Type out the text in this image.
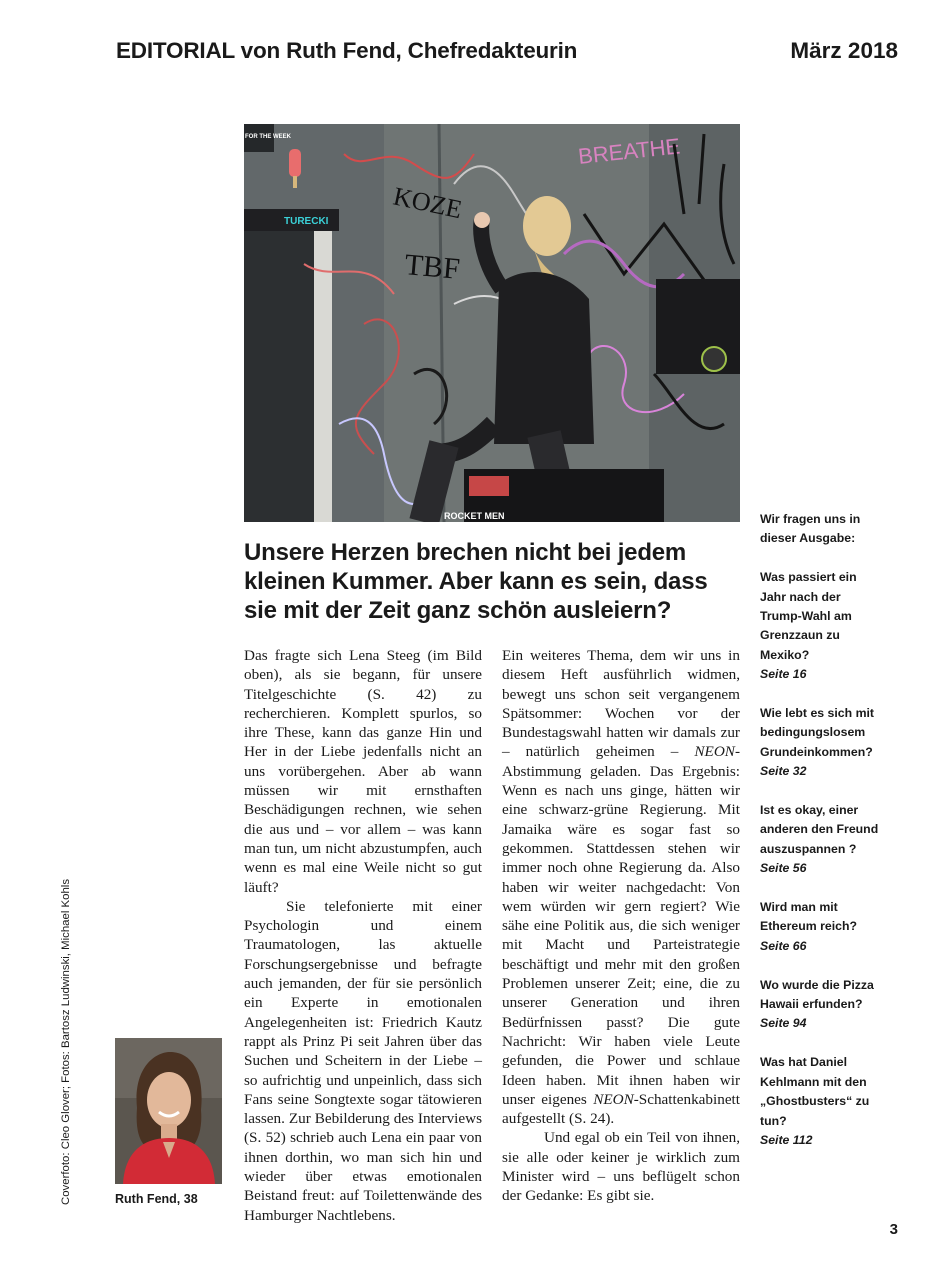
EDITORIAL von Ruth Fend, Chefredakteurin	März 2018
TURECKI
FOR THE WEEK
KOZE
TBF
BREATHE
ROCKET MEN
Unsere Herzen brechen nicht bei jedem kleinen Kummer. Aber kann es sein, dass sie mit der Zeit ganz schön ausleiern?

Das fragte sich Lena Steeg (im Bild oben), als sie begann, für unsere Titelgeschichte (S. 42) zu recherchieren. Komplett spurlos, so ihre These, kann das ganze Hin und Her in der Liebe jedenfalls nicht an uns vorübergehen. Aber ab wann müssen wir mit ernsthaften Beschädigungen rechnen, wie sehen die aus und – vor allem – was kann man tun, um nicht abzustumpfen, auch wenn es mal eine Weile nicht so gut läuft?

Sie telefonierte mit einer Psychologin und einem Traumatologen, las aktuelle Forschungsergebnisse und befragte auch jemanden, der für sie persönlich ein Experte in emotionalen Angelegenheiten ist: Friedrich Kautz rappt als Prinz Pi seit Jahren über das Suchen und Scheitern in der Liebe – so aufrichtig und unpeinlich, dass sich Fans seine Songtexte sogar tätowieren lassen. Zur Bebilderung des Interviews (S. 52) schrieb auch Lena ein paar von ihnen dorthin, wo man sich hin und wieder über etwas emotionalen Beistand freut: auf Toilettenwände des Hamburger Nachtlebens.

Ein weiteres Thema, dem wir uns in diesem Heft ausführlich widmen, bewegt uns schon seit vergangenem Spätsommer: Wochen vor der Bundestagswahl hatten wir damals zur – natürlich geheimen – NEON-Abstimmung geladen. Das Ergebnis: Wenn es nach uns ginge, hätten wir eine schwarz-grüne Regierung. Mit Jamaika wäre es sogar fast so gekommen. Stattdessen stehen wir immer noch ohne Regierung da. Also haben wir weiter nachgedacht: Von wem würden wir gern regiert? Wie sähe eine Politik aus, die sich weniger mit Macht und Parteistrategie beschäftigt und mehr mit den großen Problemen unserer Zeit; eine, die zu unserer Generation und ihren Bedürfnissen passt? Die gute Nachricht: Wir haben viele Leute gefunden, die Power und schlaue Ideen haben. Mit ihnen haben wir unser eigenes NEON-Schattenkabinett aufgestellt (S. 24).

Und egal ob ein Teil von ihnen, sie alle oder keiner je wirklich zum Minister wird – uns beflügelt schon der Gedanke: Es gibt sie.

Wir fragen uns in dieser Ausgabe:

Was passiert ein Jahr nach der Trump-Wahl am Grenzzaun zu Mexiko?
Seite 16

Wie lebt es sich mit bedingungslosem Grundeinkommen?
Seite 32

Ist es okay, einer anderen den Freund auszuspannen ?
Seite 56

Wird man mit Ethereum reich?
Seite 66

Wo wurde die Pizza Hawaii erfunden?
Seite 94

Was hat Daniel Kehlmann mit den „Ghostbusters“ zu tun?
Seite 112

Coverfoto: Cleo Glover; Fotos: Bartosz Ludwinski, Michael Kohls	Ruth Fend, 38
3
